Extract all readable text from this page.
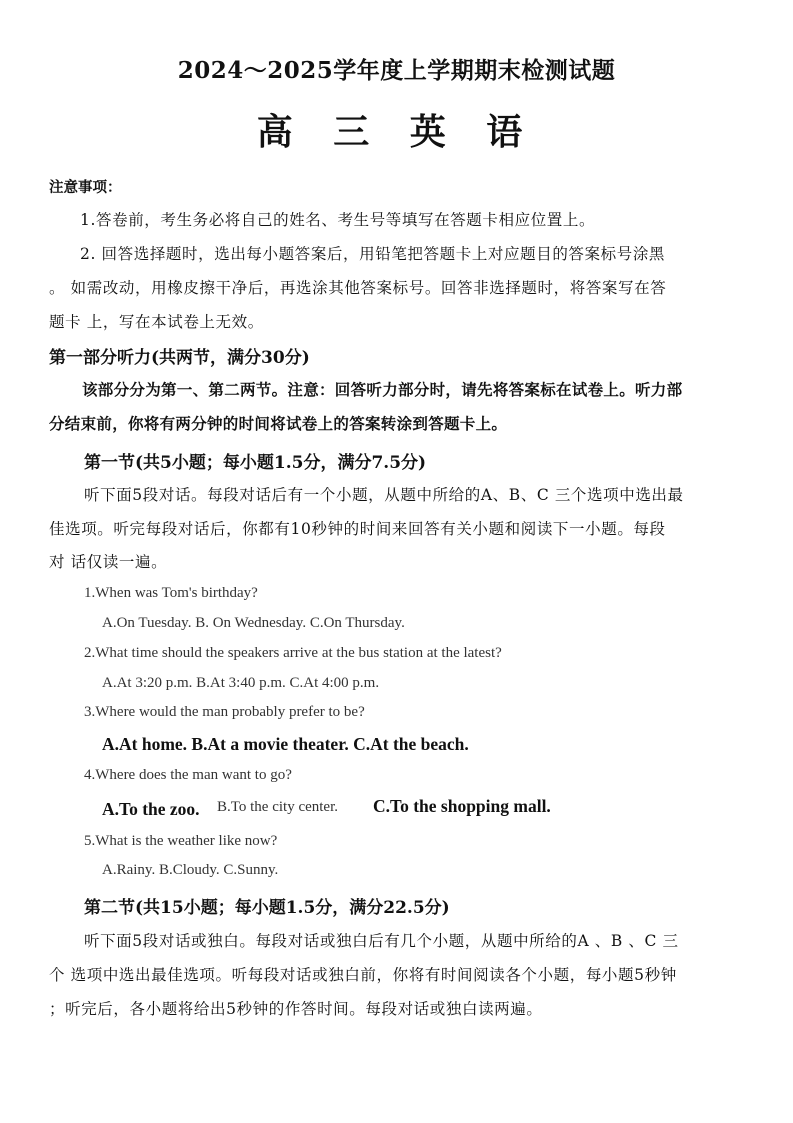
2024～2025学年度上学期期末检测试题
高 三 英 语
注意事项：
1.答卷前，考生务必将自己的姓名、考生号等填写在答题卡相应位置上。
2. 回答选择题时，选出每小题答案后，用铅笔把答题卡上对应题目的答案标号涂黑
。 如需改动，用橡皮擦干净后，再选涂其他答案标号。回答非选择题时，将答案写在答
题卡 上，写在本试卷上无效。
第一部分听力(共两节，满分30分)
该部分分为第一、第二两节。注意：回答听力部分时，请先将答案标在试卷上。听力部
分结束前，你将有两分钟的时间将试卷上的答案转涂到答题卡上。
第一节(共5小题；每小题1.5分，满分7.5分)
听下面5段对话。每段对话后有一个小题，从题中所给的A、B、C 三个选项中选出最
佳选项。听完每段对话后，你都有10秒钟的时间来回答有关小题和阅读下一小题。每段
对 话仅读一遍。
1.When was Tom's birthday?
A.On Tuesday. B. On Wednesday. C.On Thursday.
2.What time should the speakers arrive at the bus station at the latest?
A.At 3:20 p.m. B.At 3:40 p.m. C.At 4:00 p.m.
3.Where would the man probably prefer to be?
A.At home. B.At a movie theater. C.At the beach.
4.Where does the man want to go?
A.To the zoo. B.To the city center. C.To the shopping mall.
5.What is the weather like now?
A.Rainy. B.Cloudy. C.Sunny.
第二节(共15小题；每小题1.5分，满分22.5分)
听下面5段对话或独白。每段对话或独白后有几个小题，从题中所给的A 、B 、C 三
个 选项中选出最佳选项。听每段对话或独白前，你将有时间阅读各个小题，每小题5秒钟
；听完后，各小题将给出5秒钟的作答时间。每段对话或独白读两遍。
